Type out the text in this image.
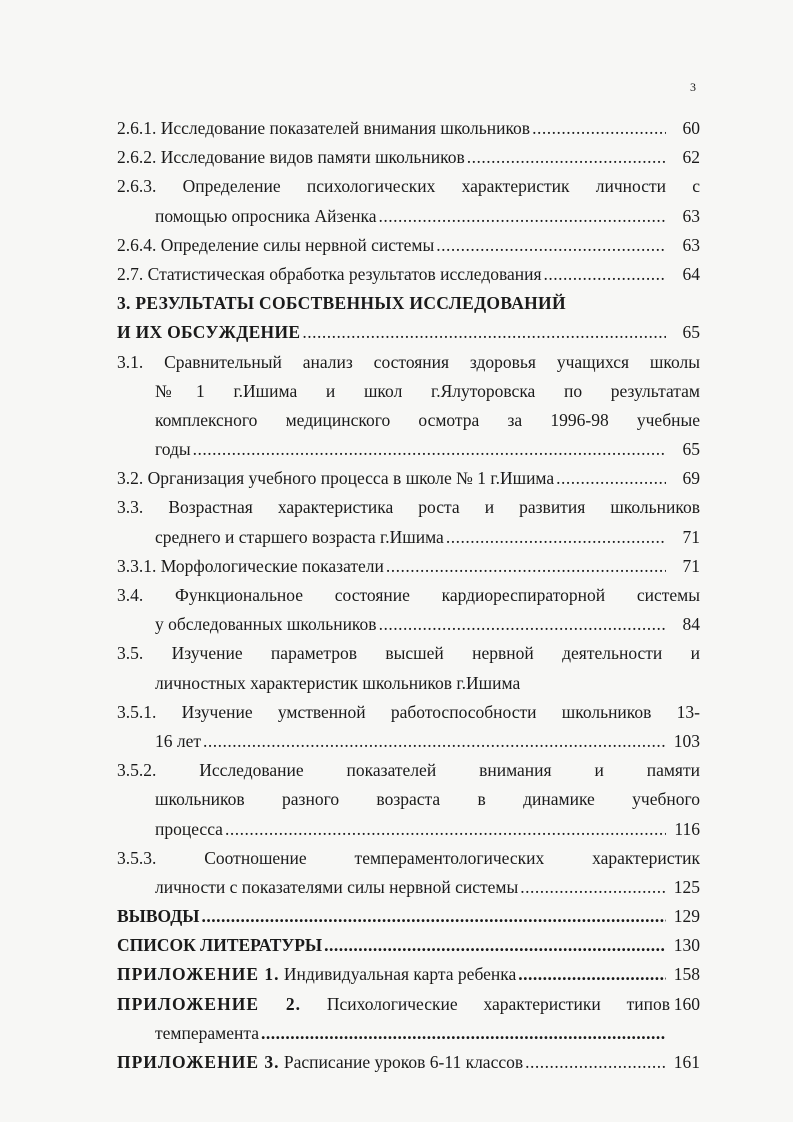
3
2.6.1. Исследование показателей внимания школьников .....	60
2.6.2. Исследование видов памяти школьников .....	62
2.6.3. Определение психологических характеристик личности с
помощью опросника Айзенка .....	63
2.6.4. Определение силы нервной системы .....	63
2.7. Статистическая обработка результатов исследования .....	64
3. РЕЗУЛЬТАТЫ СОБСТВЕННЫХ ИССЛЕДОВАНИЙ
И ИХ ОБСУЖДЕНИЕ .....	65
3.1. Сравнительный анализ состояния здоровья учащихся школы
№1 г.Ишима и школ г.Ялуторовска по результатам
комплексного медицинского осмотра за 1996-98 учебные
годы .....	65
3.2. Организация учебного процесса в школе № 1 г.Ишима .....	69
3.3. Возрастная характеристика роста и развития школьников
среднего и старшего возраста г.Ишима .....	71
3.3.1. Морфологические показатели .....	71
3.4. Функциональное состояние кардиореспираторной системы
у обследованных школьников .....	84
3.5. Изучение параметров высшей нервной деятельности и
личностных характеристик школьников г.Ишима
3.5.1. Изучение умственной работоспособности школьников 13-
16 лет .....	103
3.5.2. Исследование показателей внимания и памяти
школьников разного возраста в динамике учебного
процесса .....	116
3.5.3. Соотношение темпераментологических характеристик
личности с показателями силы нервной системы .....	125
ВЫВОДЫ .....	129
СПИСОК ЛИТЕРАТУРЫ .....	130
ПРИЛОЖЕНИЕ 1. Индивидуальная карта ребенка .....	158
ПРИЛОЖЕНИЕ 2. Психологические характеристики типов 160
темперамента
.....
ПРИЛОЖЕНИЕ 3. Расписание уроков 6-11 классов .....	161
